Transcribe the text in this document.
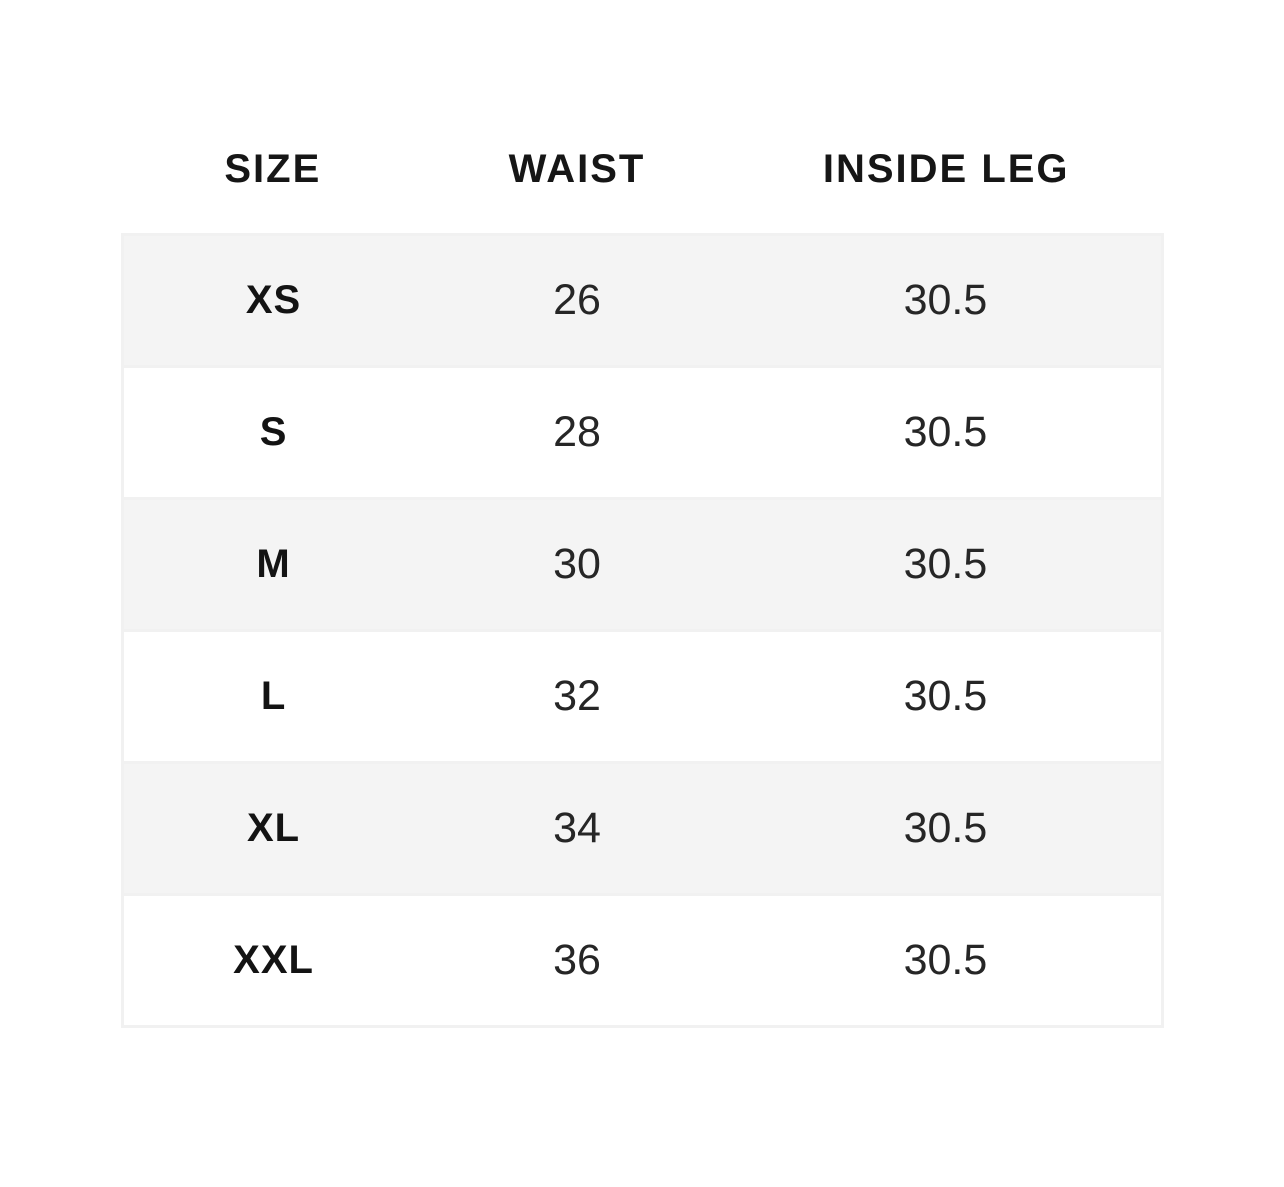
SIZE	WAIST	INSIDE LEG
XS	26	30.5
S	28	30.5
M	30	30.5
L	32	30.5
XL	34	30.5
XXL	36	30.5
